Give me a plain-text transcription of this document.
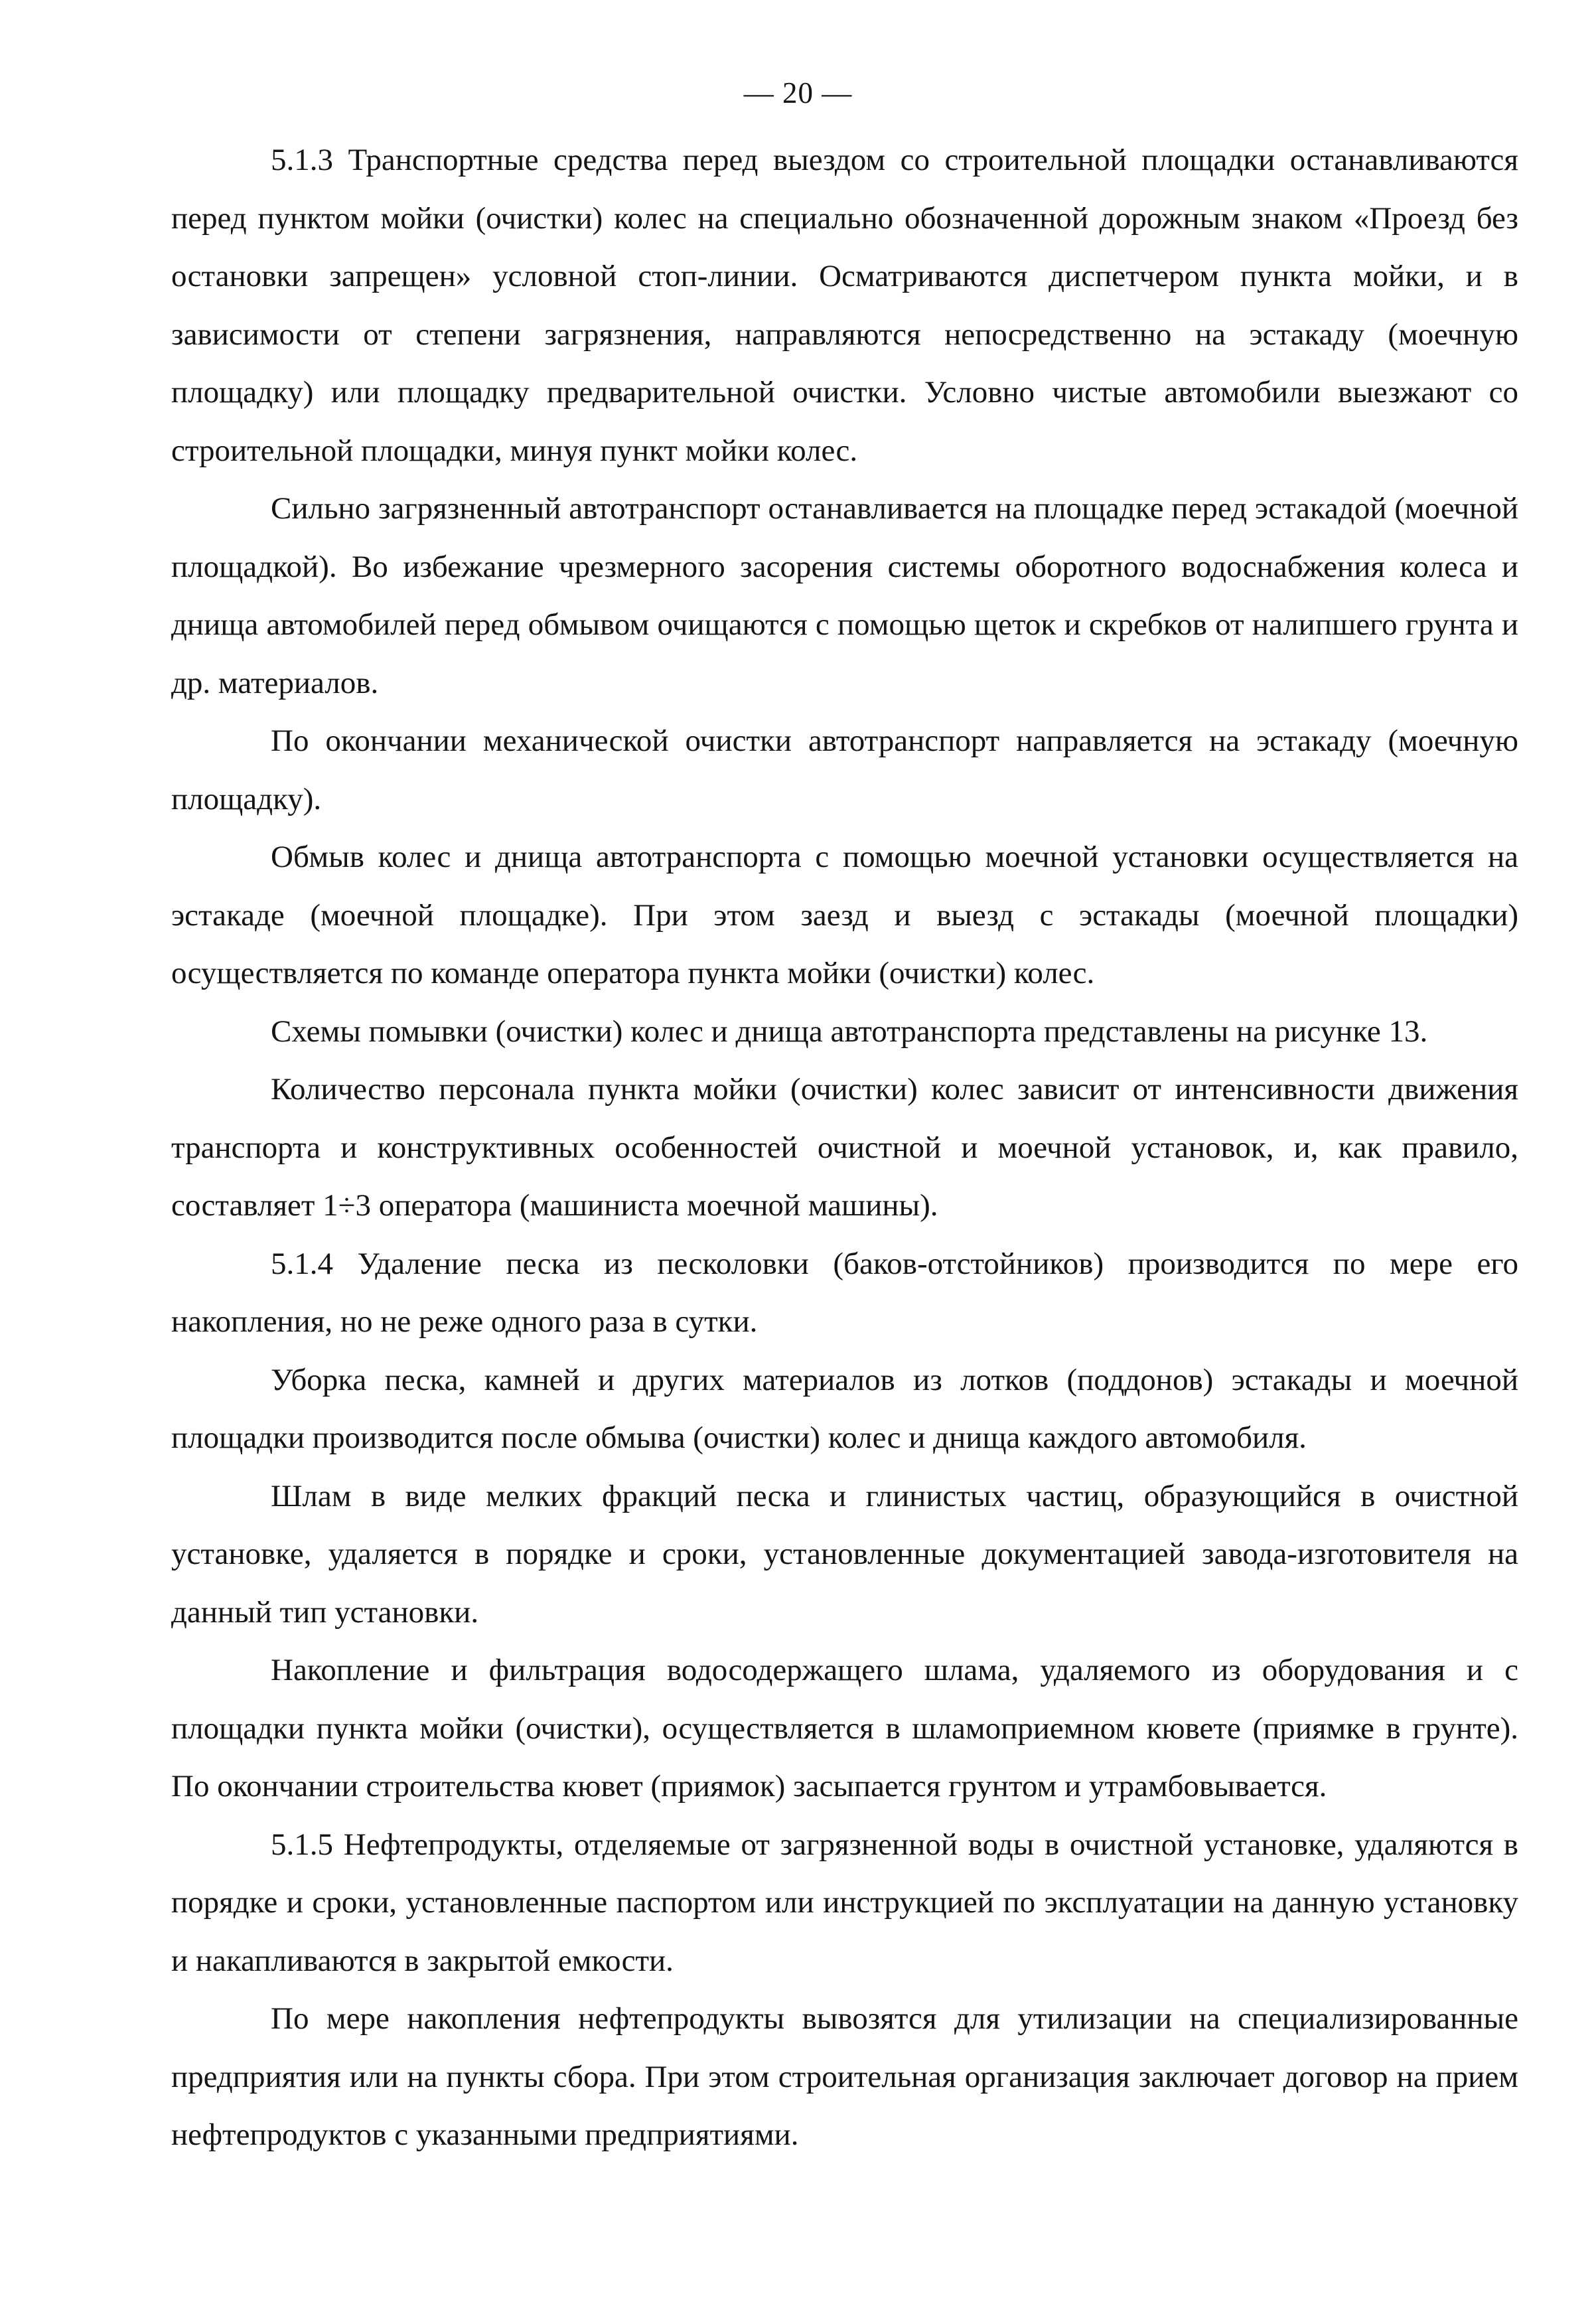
— 20 —

5.1.3 Транспортные средства перед выездом со строительной площадки останавливаются перед пунктом мойки (очистки) колес на специально обозначенной дорожным знаком «Проезд без остановки запрещен» условной стоп-линии. Осматриваются диспетчером пункта мойки, и в зависимости от степени загрязнения, направляются непосредственно на эстакаду (моечную площадку) или площадку предварительной очистки. Условно чистые автомобили выезжают со строительной площадки, минуя пункт мойки колес.

Сильно загрязненный автотранспорт останавливается на площадке перед эстакадой (моечной площадкой). Во избежание чрезмерного засорения системы оборотного водоснабжения колеса и днища автомобилей перед обмывом очищаются с помощью щеток и скребков от налипшего грунта и др. материалов.

По окончании механической очистки автотранспорт направляется на эстакаду (моечную площадку).

Обмыв колес и днища автотранспорта с помощью моечной установки осуществляется на эстакаде (моечной площадке). При этом заезд и выезд с эстакады (моечной площадки) осуществляется по команде оператора пункта мойки (очистки) колес.

Схемы помывки (очистки) колес и днища автотранспорта представлены на рисунке 13.

Количество персонала пункта мойки (очистки) колес зависит от интенсивности движения транспорта и конструктивных особенностей очистной и моечной установок, и, как правило, составляет 1÷3 оператора (машиниста моечной машины).

5.1.4 Удаление песка из песколовки (баков-отстойников) производится по мере его накопления, но не реже одного раза в сутки.

Уборка песка, камней и других материалов из лотков (поддонов) эстакады и моечной площадки производится после обмыва (очистки) колес и днища каждого автомобиля.

Шлам в виде мелких фракций песка и глинистых частиц, образующийся в очистной установке, удаляется в порядке и сроки, установленные документацией завода-изготовителя на данный тип установки.

Накопление и фильтрация водосодержащего шлама, удаляемого из оборудования и с площадки пункта мойки (очистки), осуществляется в шламоприемном кювете (приямке в грунте). По окончании строительства кювет (приямок) засыпается грунтом и утрамбовывается.

5.1.5 Нефтепродукты, отделяемые от загрязненной воды в очистной установке, удаляются в порядке и сроки, установленные паспортом или инструкцией по эксплуатации на данную установку и накапливаются в закрытой емкости.

По мере накопления нефтепродукты вывозятся для утилизации на специализированные предприятия или на пункты сбора. При этом строительная организация заключает договор на прием нефтепродуктов с указанными предприятиями.
